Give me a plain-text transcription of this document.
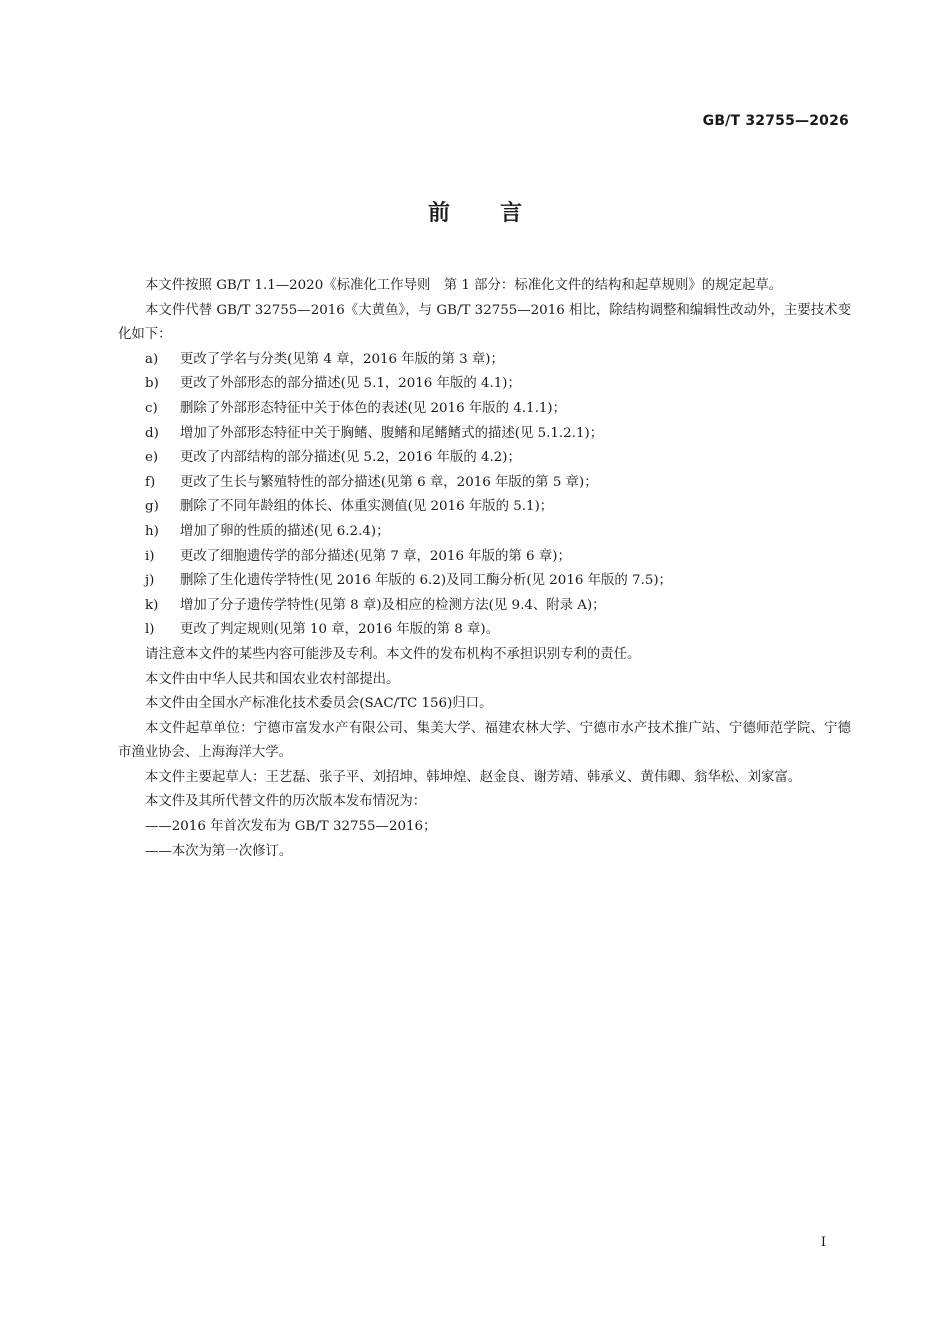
GB/T 32755—2026
前 言

本文件按照 GB/T 1.1—2020《标准化工作导则　第 1 部分：标准化文件的结构和起草规则》的规定起草。

本文件代替 GB/T 32755—2016《大黄鱼》，与 GB/T 32755—2016 相比，除结构调整和编辑性改动外，主要技术变化如下：

a) 更改了学名与分类(见第 4 章，2016 年版的第 3 章)；
b) 更改了外部形态的部分描述(见 5.1，2016 年版的 4.1)；
c) 删除了外部形态特征中关于体色的表述(见 2016 年版的 4.1.1)；
d) 增加了外部形态特征中关于胸鳍、腹鳍和尾鳍鳍式的描述(见 5.1.2.1)；
e) 更改了内部结构的部分描述(见 5.2，2016 年版的 4.2)；
f) 更改了生长与繁殖特性的部分描述(见第 6 章，2016 年版的第 5 章)；
g) 删除了不同年龄组的体长、体重实测值(见 2016 年版的 5.1)；
h) 增加了卵的性质的描述(见 6.2.4)；
i) 更改了细胞遗传学的部分描述(见第 7 章，2016 年版的第 6 章)；
j) 删除了生化遗传学特性(见 2016 年版的 6.2)及同工酶分析(见 2016 年版的 7.5)；
k) 增加了分子遗传学特性(见第 8 章)及相应的检测方法(见 9.4、附录 A)；
l) 更改了判定规则(见第 10 章，2016 年版的第 8 章)。

请注意本文件的某些内容可能涉及专利。本文件的发布机构不承担识别专利的责任。

本文件由中华人民共和国农业农村部提出。

本文件由全国水产标准化技术委员会(SAC/TC 156)归口。

本文件起草单位：宁德市富发水产有限公司、集美大学、福建农林大学、宁德市水产技术推广站、宁德师范学院、宁德市渔业协会、上海海洋大学。

本文件主要起草人：王艺磊、张子平、刘招坤、韩坤煌、赵金良、谢芳靖、韩承义、黄伟卿、翁华松、刘家富。

本文件及其所代替文件的历次版本发布情况为：

——2016 年首次发布为 GB/T 32755—2016；
——本次为第一次修订。
I
